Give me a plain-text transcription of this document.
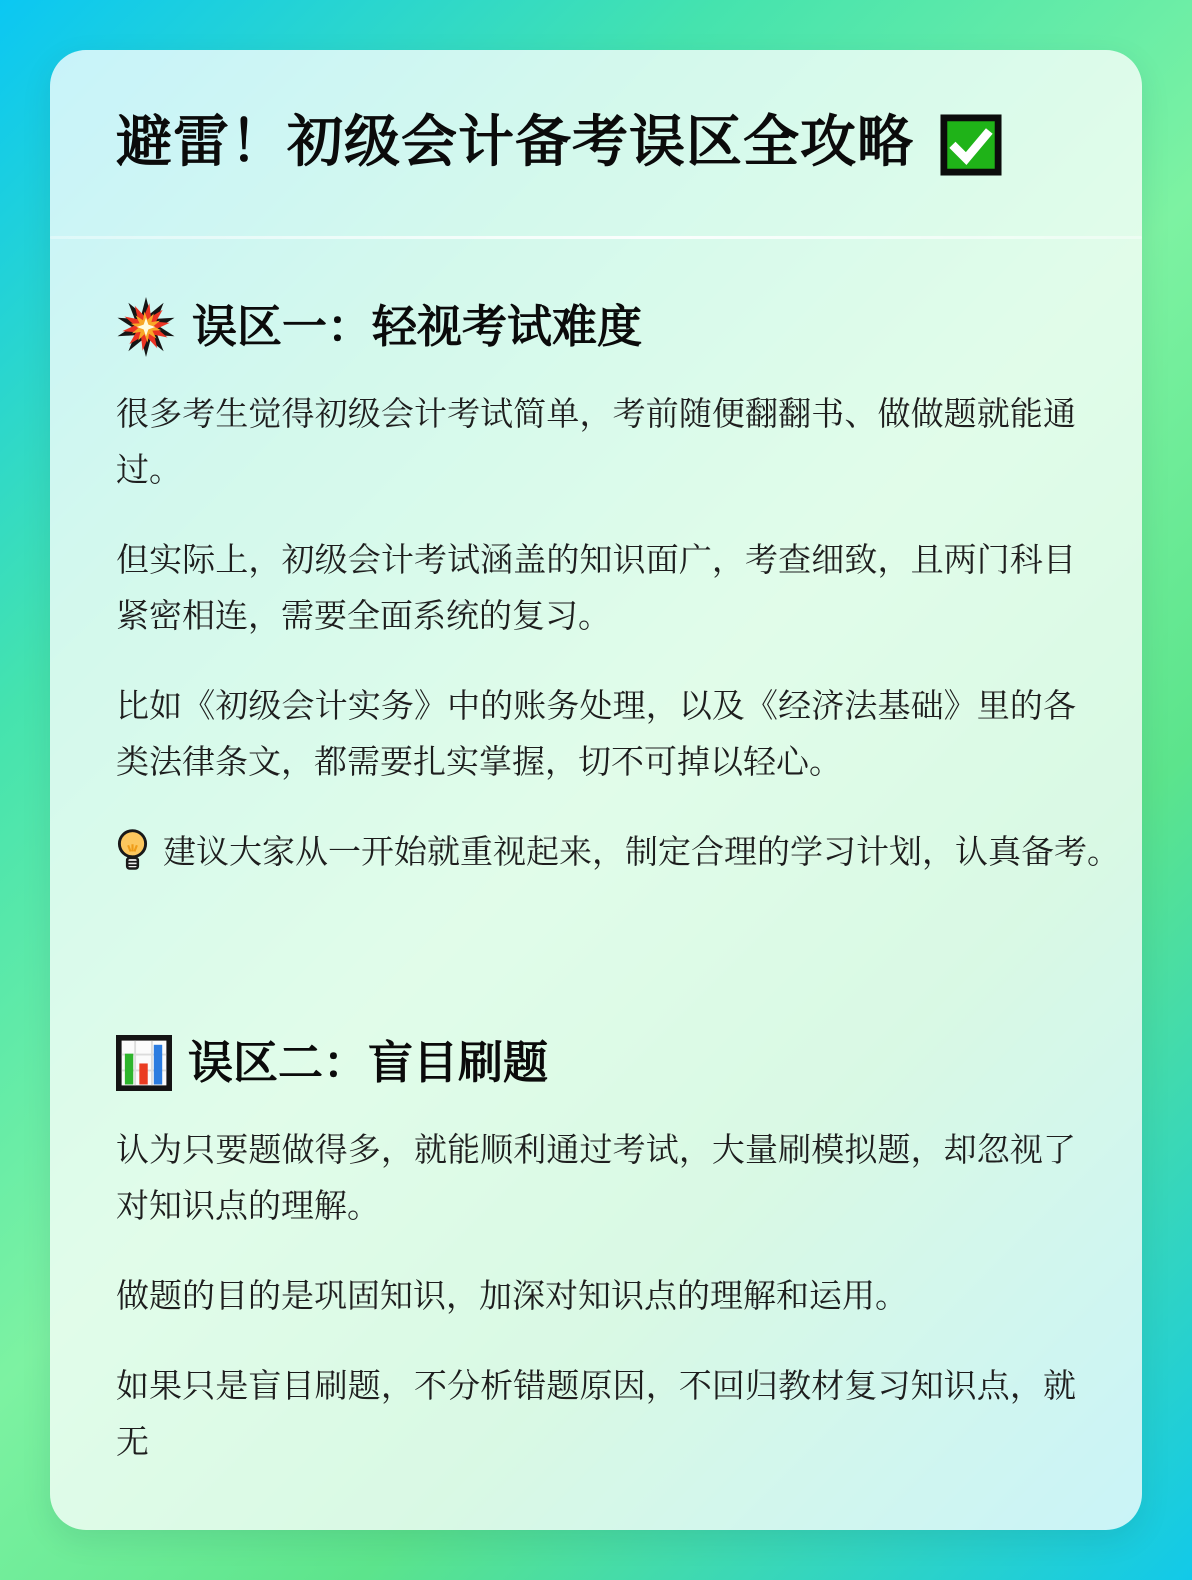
避雷！初级会计备考误区全攻略
误区一：轻视考试难度

很多考生觉得初级会计考试简单，考前随便翻翻书、做做题就能通过。

但实际上，初级会计考试涵盖的知识面广，考查细致，且两门科目紧密相连，需要全面系统的复习。

比如《初级会计实务》中的账务处理，以及《经济法基础》里的各类法律条文，都需要扎实掌握，切不可掉以轻心。

建议大家从一开始就重视起来，制定合理的学习计划，认真备考。

误区二：盲目刷题

认为只要题做得多，就能顺利通过考试，大量刷模拟题，却忽视了对知识点的理解。

做题的目的是巩固知识，加深对知识点的理解和运用。

如果只是盲目刷题，不分析错题原因，不回归教材复习知识点，就无
